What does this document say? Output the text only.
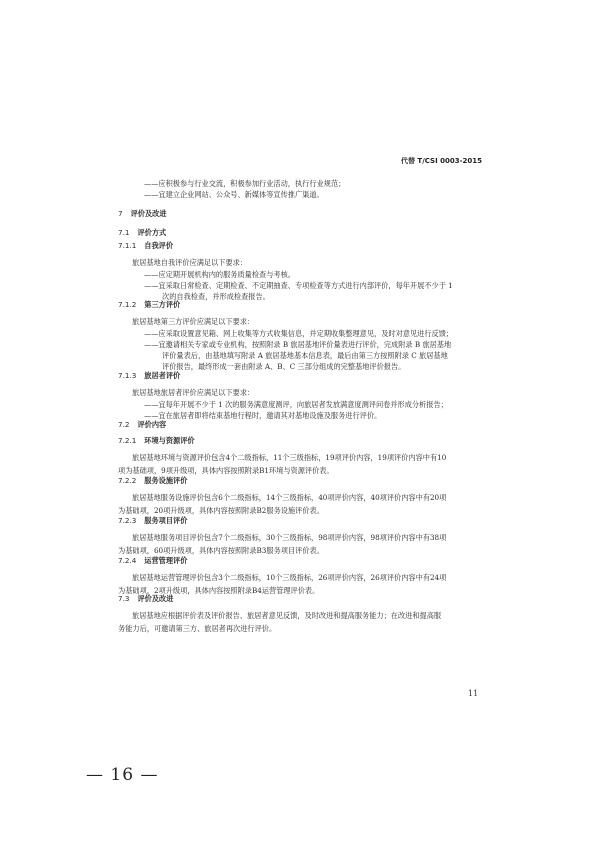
代替 T/CSI 0003-2015

——应积极参与行业交流，积极参加行业活动，执行行业规范；

——宜建立企业网站、公众号、新媒体等宣传推广渠道。

7 评价及改进

7.1 评价方式

7.1.1 自我评价

旅居基地自我评价应满足以下要求：

——应定期开展机构内的服务质量检查与考核。

——宜采取日常检查、定期检查、不定期抽查、专项检查等方式进行内部评价，每年开展不少于 1

次的自我检查，并形成检查报告。

7.1.2 第三方评价

旅居基地第三方评价应满足以下要求：

——应采取设置意见箱、网上收集等方式收集信息，并定期收集整理意见，及时对意见进行反馈；

——宜邀请相关专家或专业机构，按照附录 B 旅居基地评价量表进行评价，完成附录 B 旅居基地

评价量表后，由基地填写附录 A 旅居基地基本信息表，最后由第三方按照附录 C 旅居基地

评价报告，最终形成一套由附录 A、B、C 三部分组成的完整基地评价报告。

7.1.3 旅居者评价

旅居基地旅居者评价应满足以下要求：

——宜每年开展不少于 1 次的服务满意度测评，向旅居者发放满意度测评问卷并形成分析报告；

——宜在旅居者即将结束基地行程时，邀请其对基地设施及服务进行评价。

7.2 评价内容

7.2.1 环境与资源评价

旅居基地环境与资源评价包含4个二级指标，11个三级指标，19项评价内容，19项评价内容中有10

项为基础项，9项升级项，具体内容按照附录B1环境与资源评价表。

7.2.2 服务设施评价

旅居基地服务设施评价包含6个二级指标，14个三级指标，40项评价内容，40项评价内容中有20项

为基础项，20项升级项，具体内容按照附录B2服务设施评价表。

7.2.3 服务项目评价

旅居基地服务项目评价包含7个二级指标，30个三级指标，98项评价内容，98项评价内容中有38项

为基础项，60项升级项，具体内容按照附录B3服务项目评价表。

7.2.4 运营管理评价

旅居基地运营管理评价包含3个二级指标，10个三级指标，26项评价内容，26项评价内容中有24项

为基础项，2项升级项，具体内容按照附录B4运营管理评价表。

7.3 评价及改进

旅居基地应根据评价表及评价报告、旅居者意见反馈，及时改进和提高服务能力；在改进和提高服

务能力后，可邀请第三方、旅居者再次进行评价。

11
— 16 —
